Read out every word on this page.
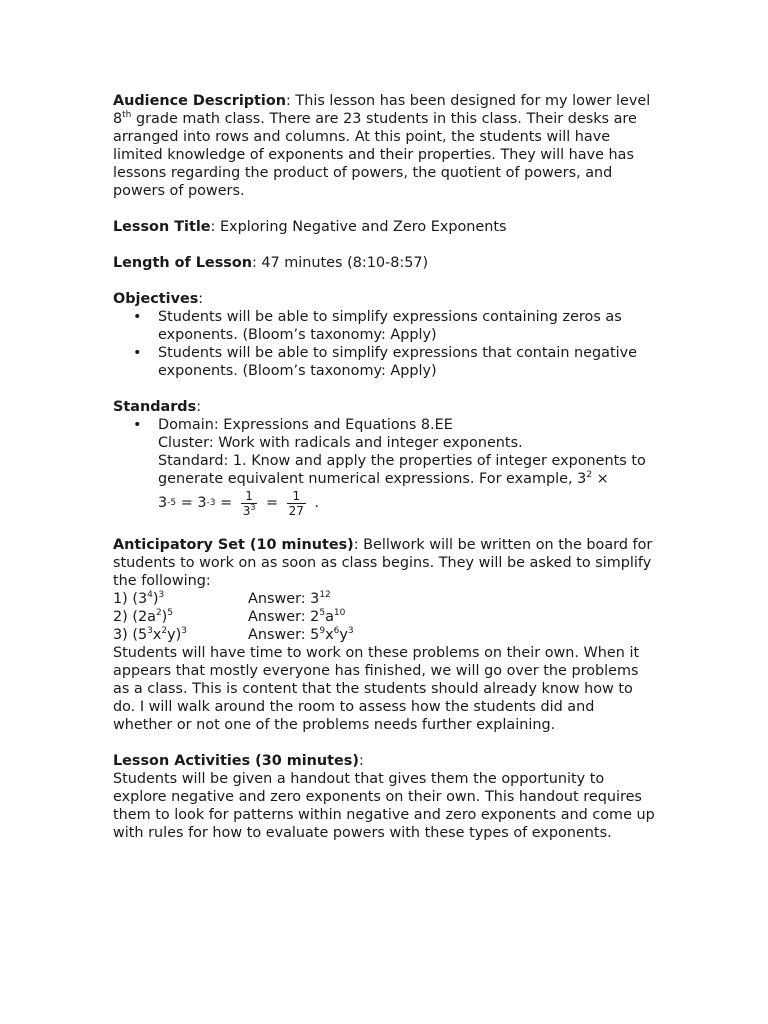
Audience Description: This lesson has been designed for my lower level 8th grade math class. There are 23 students in this class. Their desks are arranged into rows and columns. At this point, the students will have limited knowledge of exponents and their properties. They will have has lessons regarding the product of powers, the quotient of powers, and powers of powers.

Lesson Title: Exploring Negative and Zero Exponents

Length of Lesson: 47 minutes (8:10-8:57)

Objectives:

• Students will be able to simplify expressions containing zeros as exponents. (Bloom’s taxonomy: Apply)
• Students will be able to simplify expressions that contain negative exponents. (Bloom’s taxonomy: Apply)

Standards:

• Domain: Expressions and Equations 8.EE
Cluster: Work with radicals and integer exponents.
Standard: 1. Know and apply the properties of integer exponents to generate equivalent numerical expressions. For example, $3^2$ ×
3 -5 = 3 $-3 = \frac{1}{3^3} = \frac{1}{27}$ .

Anticipatory Set (10 minutes): Bellwork will be written on the board for students to work on as soon as class begins. They will be asked to simplify the following:

1) $(3^4)^3$	Answer: $3^{12}$
2) $(2a^2)^5$	Answer: $2^5a^{10}$
3) $(5^3x^2y)^3$	Answer: $5^9x^6y^3$

Students will have time to work on these problems on their own. When it appears that mostly everyone has finished, we will go over the problems as a class. This is content that the students should already know how to do. I will walk around the room to assess how the students did and whether or not one of the problems needs further explaining.

Lesson Activities (30 minutes):

Students will be given a handout that gives them the opportunity to explore negative and zero exponents on their own. This handout requires them to look for patterns within negative and zero exponents and come up with rules for how to evaluate powers with these types of exponents.
